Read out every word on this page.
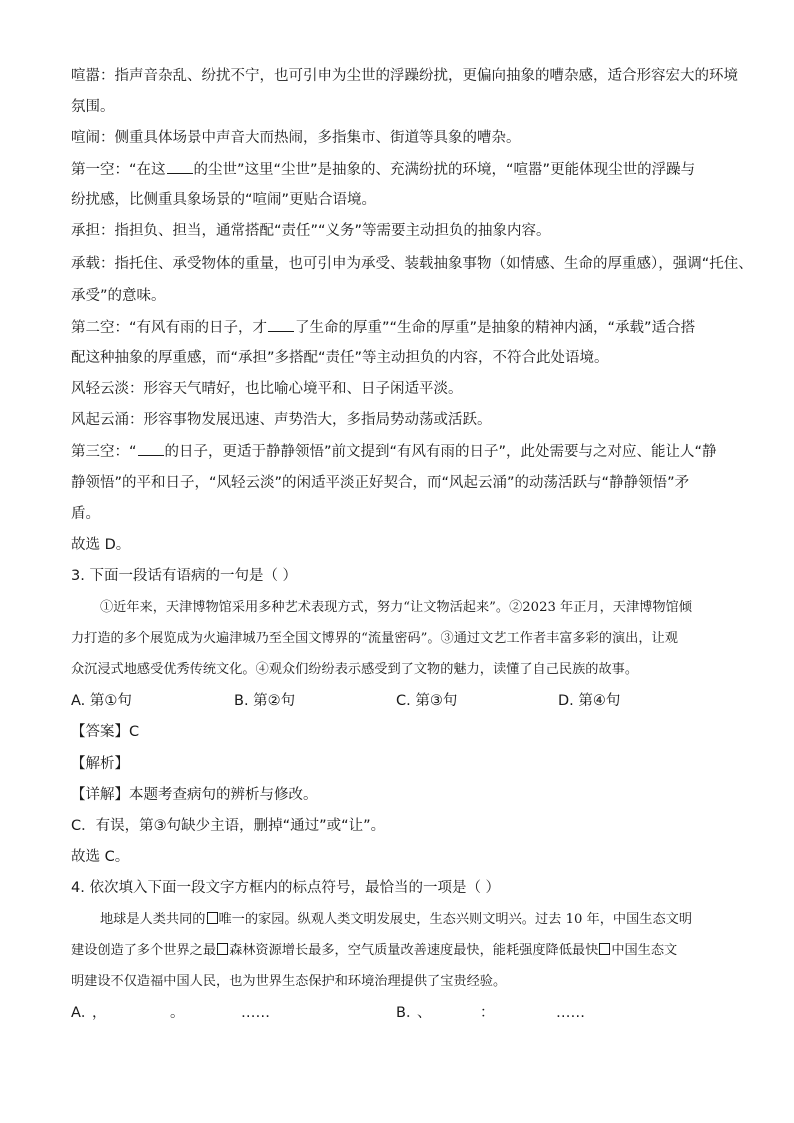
喧嚣：指声音杂乱、纷扰不宁，也可引申为尘世的浮躁纷扰，更偏向抽象的嘈杂感，适合形容宏大的环境
氛围。
喧闹：侧重具体场景中声音大而热闹，多指集市、街道等具象的嘈杂。
第一空：“在这 的尘世”这里“尘世”是抽象的、充满纷扰的环境，“喧嚣”更能体现尘世的浮躁与
纷扰感，比侧重具象场景的“喧闹”更贴合语境。
承担：指担负、担当，通常搭配“责任”“义务”等需要主动担负的抽象内容。
承载：指托住、承受物体的重量，也可引申为承受、装载抽象事物（如情感、生命的厚重感），强调“托住、
承受”的意味。
第二空：“有风有雨的日子，才 了生命的厚重”“生命的厚重”是抽象的精神内涵，“承载”适合搭
配这种抽象的厚重感，而“承担”多搭配“责任”等主动担负的内容，不符合此处语境。
风轻云淡：形容天气晴好，也比喻心境平和、日子闲适平淡。
风起云涌：形容事物发展迅速、声势浩大，多指局势动荡或活跃。
第三空：“ 的日子，更适于静静领悟”前文提到“有风有雨的日子”，此处需要与之对应、能让人“静
静领悟”的平和日子，“风轻云淡”的闲适平淡正好契合，而“风起云涌”的动荡活跃与“静静领悟”矛
盾。
故选 D。
3. 下面一段话有语病的一句是（ ）
①近年来，天津博物馆采用多种艺术表现方式，努力“让文物活起来”。②2023 年正月，天津博物馆倾
力打造的多个展览成为火遍津城乃至全国文博界的“流量密码”。③通过文艺工作者丰富多彩的演出，让观
众沉浸式地感受优秀传统文化。④观众们纷纷表示感受到了文物的魅力，读懂了自己民族的故事。
A. 第①句	B. 第②句	C. 第③句	D. 第④句
【答案】C
【解析】
【详解】本题考查病句的辨析与修改。
C．有误，第③句缺少主语，删掉“通过”或“让”。
故选 C。
4. 依次填入下面一段文字方框内的标点符号，最恰当的一项是（ ）
地球是人类共同的 唯一的家园。纵观人类文明发展史，生态兴则文明兴。过去 10 年，中国生态文明
建设创造了多个世界之最 森林资源增长最多，空气质量改善速度最快，能耗强度降低最快 中国生态文
明建设不仅造福中国人民，也为世界生态保护和环境治理提供了宝贵经验。
A．
，	。	……	B．
、	：	……
